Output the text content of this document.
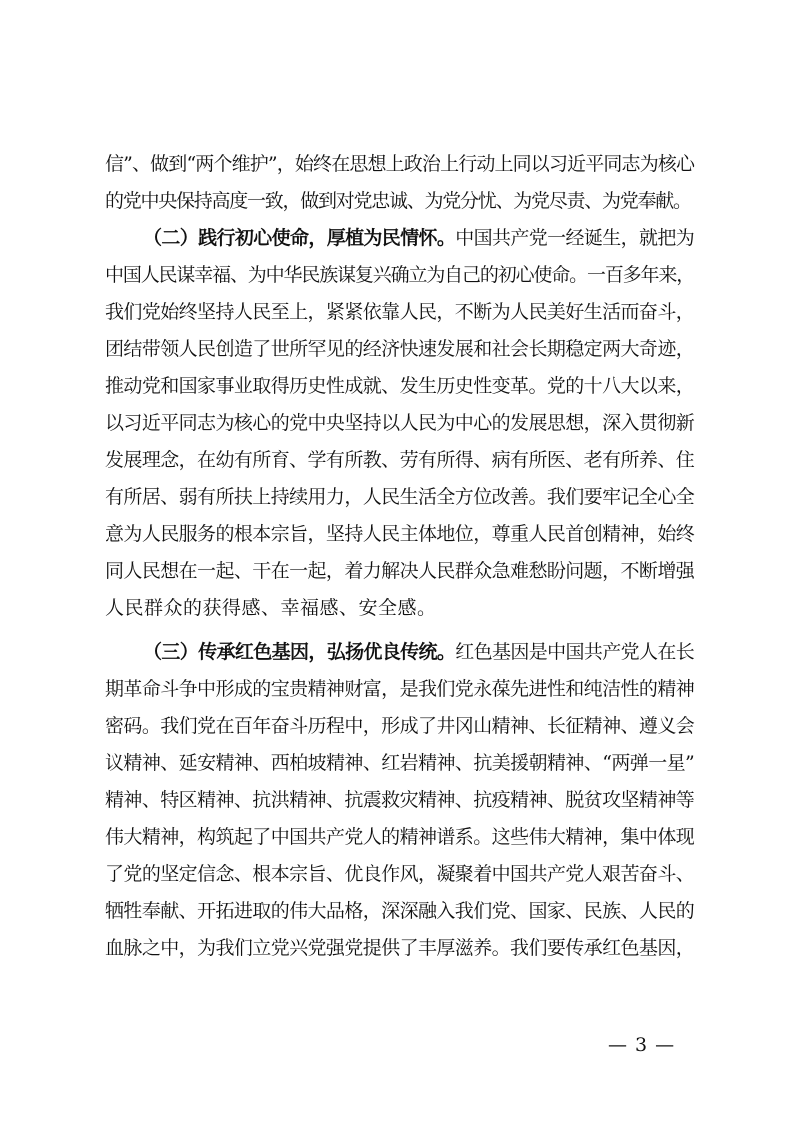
信”、做到“两个维护”，始终在思想上政治上行动上同以习近平同志为核心
的党中央保持高度一致，做到对党忠诚、为党分忧、为党尽责、为党奉献。
（二）践行初心使命，厚植为民情怀。中国共产党一经诞生，就把为
中国人民谋幸福、为中华民族谋复兴确立为自己的初心使命。一百多年来，
我们党始终坚持人民至上，紧紧依靠人民，不断为人民美好生活而奋斗，
团结带领人民创造了世所罕见的经济快速发展和社会长期稳定两大奇迹，
推动党和国家事业取得历史性成就、发生历史性变革。党的十八大以来，
以习近平同志为核心的党中央坚持以人民为中心的发展思想，深入贯彻新
发展理念，在幼有所育、学有所教、劳有所得、病有所医、老有所养、住
有所居、弱有所扶上持续用力，人民生活全方位改善。我们要牢记全心全
意为人民服务的根本宗旨，坚持人民主体地位，尊重人民首创精神，始终
同人民想在一起、干在一起，着力解决人民群众急难愁盼问题，不断增强
人民群众的获得感、幸福感、安全感。
（三）传承红色基因，弘扬优良传统。红色基因是中国共产党人在长
期革命斗争中形成的宝贵精神财富，是我们党永葆先进性和纯洁性的精神
密码。我们党在百年奋斗历程中，形成了井冈山精神、长征精神、遵义会
议精神、延安精神、西柏坡精神、红岩精神、抗美援朝精神、“两弹一星”
精神、特区精神、抗洪精神、抗震救灾精神、抗疫精神、脱贫攻坚精神等
伟大精神，构筑起了中国共产党人的精神谱系。这些伟大精神，集中体现
了党的坚定信念、根本宗旨、优良作风，凝聚着中国共产党人艰苦奋斗、
牺牲奉献、开拓进取的伟大品格，深深融入我们党、国家、民族、人民的
血脉之中，为我们立党兴党强党提供了丰厚滋养。我们要传承红色基因，
— 3 —
